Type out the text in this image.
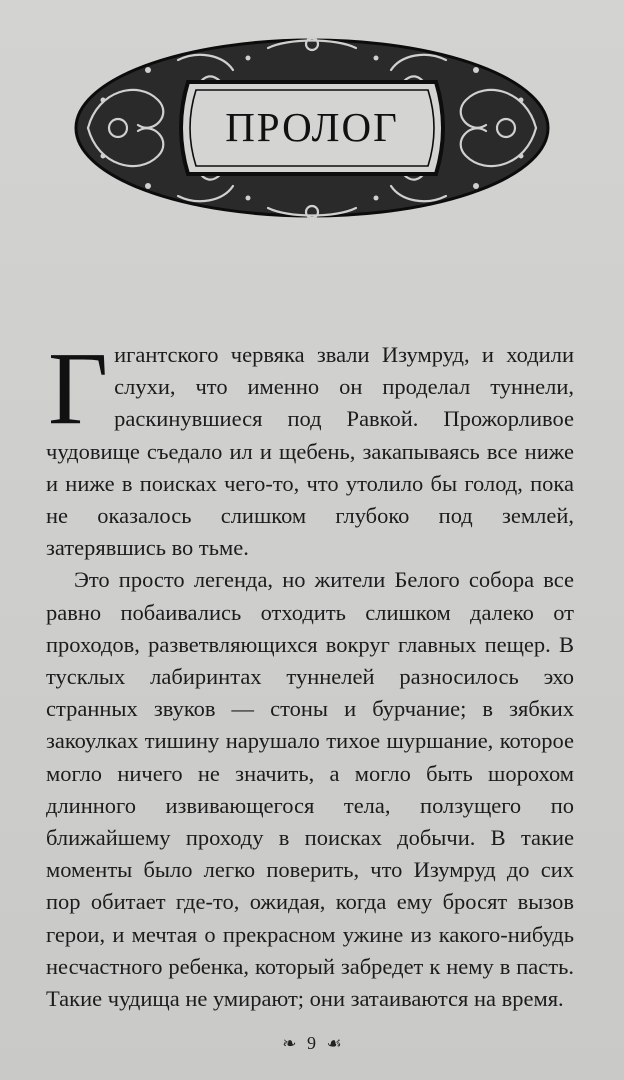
ПРОЛОГ

Гигантского червяка звали Изумруд, и ходили слухи, что именно он проделал туннели, раскинувшиеся под Равкой. Прожорливое чудовище съедало ил и щебень, закапываясь все ниже и ниже в поисках чего-то, что утолило бы голод, пока не оказалось слишком глубоко под землей, затерявшись во тьме.

Это просто легенда, но жители Белого собора все равно побаивались отходить слишком далеко от проходов, разветвляющихся вокруг главных пещер. В тусклых лабиринтах туннелей разносилось эхо странных звуков — стоны и бурчание; в зябких закоулках тишину нарушало тихое шуршание, которое могло ничего не значить, а могло быть шорохом длинного извивающегося тела, ползущего по ближайшему проходу в поисках добычи. В такие моменты было легко поверить, что Изумруд до сих пор обитает где-то, ожидая, когда ему бросят вызов герои, и мечтая о прекрасном ужине из какого-нибудь несчастного ребенка, который забредет к нему в пасть. Такие чудища не умирают; они затаиваются на время.

❧ 9 ☙
